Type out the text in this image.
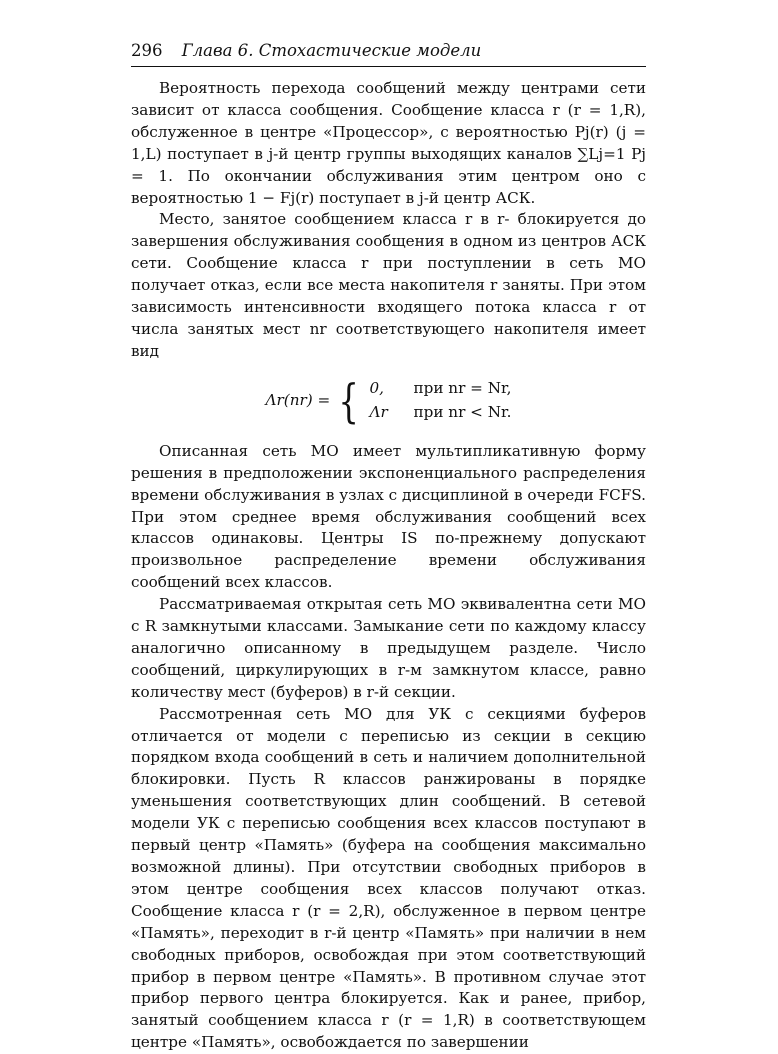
296 Глава 6. Стохастические модели

Вероятность перехода сообщений между центрами сети зависит от класса сообщения. Сообщение класса r (r = 1,R), обслуженное в центре «Процессор», с вероятностью Pj(r) (j = 1,L) поступает в j-й центр группы выходящих каналов ∑Lj=1 Pj = 1. По окончании обслуживания этим центром оно с вероятностью 1 − Fj(r) поступает в j-й центр АСК.

Место, занятое сообщением класса r в r- блокируется до завершения обслуживания сообщения в одном из центров АСК сети. Сообщение класса r при поступлении в сеть МО получает отказ, если все места накопителя r заняты. При этом зависимость интенсивности входящего потока класса r от числа занятых мест nr соответствующего накопителя имеет вид

Λr(nr) = { 0,	при nr = Nr,
Λr	при nr < Nr.

Описанная сеть МО имеет мультипликативную форму решения в предположении экспоненциального распределения времени обслуживания в узлах с дисциплиной в очереди FCFS. При этом среднее время обслуживания сообщений всех классов одинаковы. Центры IS по-прежнему допускают произвольное распределение времени обслуживания сообщений всех классов.

Рассматриваемая открытая сеть МО эквивалентна сети МО с R замкнутыми классами. Замыкание сети по каждому классу аналогично описанному в предыдущем разделе. Число сообщений, циркулирующих в r-м замкнутом классе, равно количеству мест (буферов) в r-й секции.

Рассмотренная сеть МО для УК с секциями буферов отличается от модели с переписью из секции в секцию порядком входа сообщений в сеть и наличием дополнительной блокировки. Пусть R классов ранжированы в порядке уменьшения соответствующих длин сообщений. В сетевой модели УК с переписью сообщения всех классов поступают в первый центр «Память» (буфера на сообщения максимально возможной длины). При отсутствии свободных приборов в этом центре сообщения всех классов получают отказ. Сообщение класса r (r = 2,R), обслуженное в первом центре «Память», переходит в r-й центр «Память» при наличии в нем свободных приборов, освобождая при этом соответствующий прибор в первом центре «Память». В противном случае этот прибор первого центра блокируется. Как и ранее, прибор, занятый сообщением класса r (r = 1,R) в соответствующем центре «Память», освобождается по завершении
